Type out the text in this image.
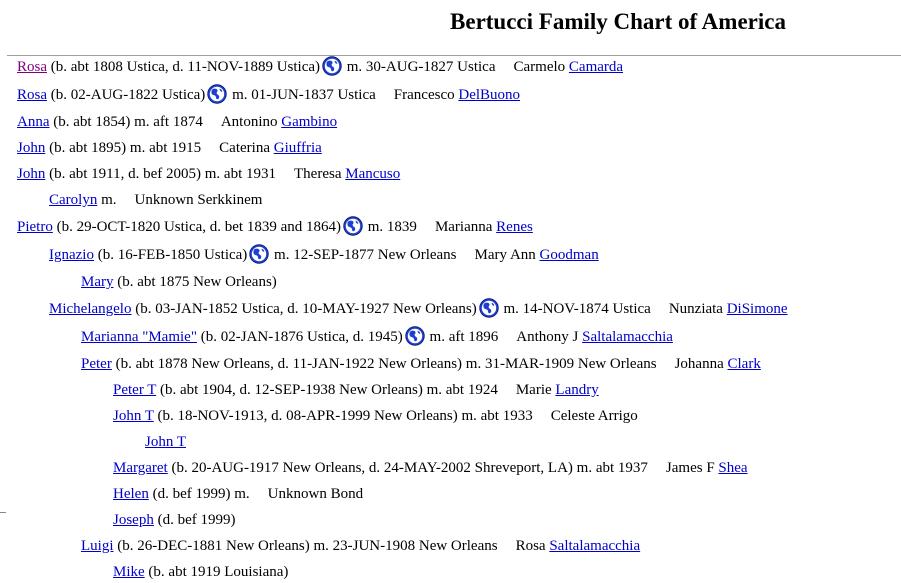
Bertucci Family Chart of America
Rosa (b. abt 1808 Ustica, d. 11-NOV-1889 Ustica) m. 30-AUG-1827 Ustica Carmelo Camarda
Rosa (b. 02-AUG-1822 Ustica) m. 01-JUN-1837 Ustica Francesco DelBuono
Anna (b. abt 1854) m. aft 1874 Antonino Gambino
John (b. abt 1895) m. abt 1915 Caterina Giuffria
John (b. abt 1911, d. bef 2005) m. abt 1931 Theresa Mancuso
Carolyn m. Unknown Serkkinem
Pietro (b. 29-OCT-1820 Ustica, d. bet 1839 and 1864) m. 1839 Marianna Renes
Ignazio (b. 16-FEB-1850 Ustica) m. 12-SEP-1877 New Orleans Mary Ann Goodman
Mary (b. abt 1875 New Orleans)
Michelangelo (b. 03-JAN-1852 Ustica, d. 10-MAY-1927 New Orleans) m. 14-NOV-1874 Ustica Nunziata DiSimone
Marianna "Mamie" (b. 02-JAN-1876 Ustica, d. 1945) m. aft 1896 Anthony J Saltalamacchia
Peter (b. abt 1878 New Orleans, d. 11-JAN-1922 New Orleans) m. 31-MAR-1909 New Orleans Johanna Clark
Peter T (b. abt 1904, d. 12-SEP-1938 New Orleans) m. abt 1924 Marie Landry
John T (b. 18-NOV-1913, d. 08-APR-1999 New Orleans) m. abt 1933 Celeste Arrigo
John T
Margaret (b. 20-AUG-1917 New Orleans, d. 24-MAY-2002 Shreveport, LA) m. abt 1937 James F Shea
Helen (d. bef 1999) m. Unknown Bond
Joseph (d. bef 1999)
Luigi (b. 26-DEC-1881 New Orleans) m. 23-JUN-1908 New Orleans Rosa Saltalamacchia
Mike (b. abt 1919 Louisiana)
